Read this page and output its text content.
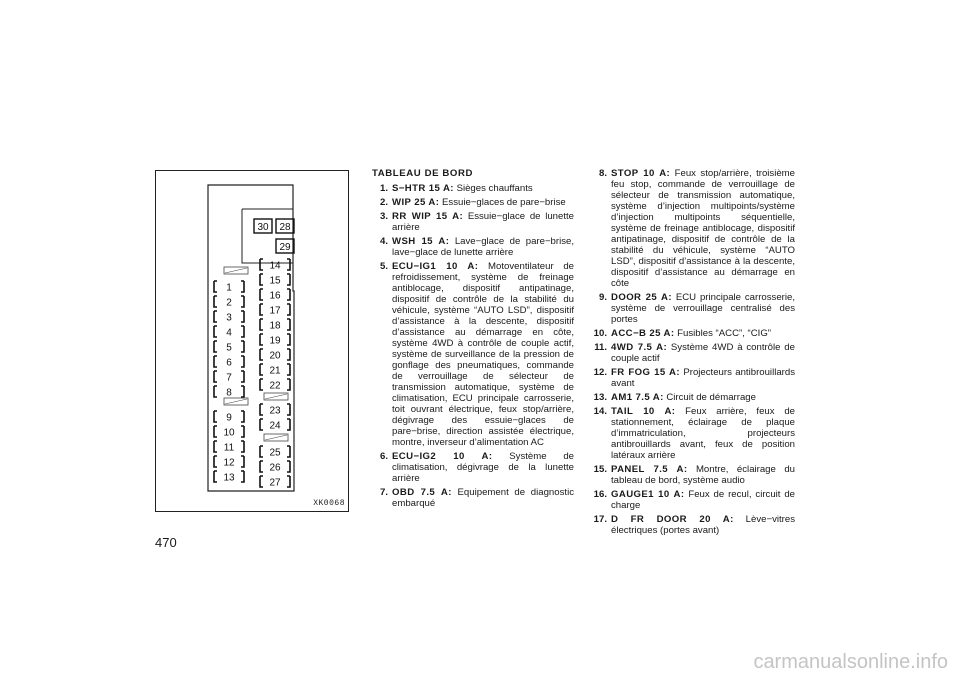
30 28
29
1
2
3
4
5
6
7
8
9
10
11
12
13
14
15
16
17
18
19
20
21
22
23
24
25
26
27
XK0068
TABLEAU DE BORD
1. S−HTR 15 A: Sièges chauffants
2. WIP 25 A: Essuie−glaces de pare−brise
3. RR WIP 15 A: Essuie−glace de lunette arrière
4. WSH 15 A: Lave−glace de pare−brise, lave−glace de lunette arrière
5. ECU−IG1 10 A: Motoventilateur de refroidissement, système de freinage antiblocage, dispositif antipatinage, dispositif de contrôle de la stabilité du véhicule, système “AUTO LSD”, dispositif d’assistance à la descente, dispositif d’assistance au démarrage en côte, système 4WD à contrôle de couple actif, système de surveillance de la pression de gonflage des pneumatiques, commande de verrouillage de sélecteur de transmission automatique, système de climatisation, ECU principale carrosserie, toit ouvrant électrique, feux stop/arrière, dégivrage des essuie−glaces de pare−brise, direction assistée électrique, montre, inverseur d’alimentation AC
6. ECU−IG2 10 A: Système de climatisation, dégivrage de la lunette arrière
7. OBD 7.5 A: Equipement de diagnostic embarqué
8. STOP 10 A: Feux stop/arrière, troisième feu stop, commande de verrouillage de sélecteur de transmission automatique, système d’injection multipoints/système d’injection multipoints séquentielle, système de freinage antiblocage, dispositif antipatinage, dispositif de contrôle de la stabilité du véhicule, système “AUTO LSD”, dispositif d’assistance à la descente, dispositif d’assistance au démarrage en côte
9. DOOR 25 A: ECU principale carrosserie, système de verrouillage centralisé des portes
10. ACC−B 25 A: Fusibles “ACC”, “CIG”
11. 4WD 7.5 A: Système 4WD à contrôle de couple actif
12. FR FOG 15 A: Projecteurs antibrouillards avant
13. AM1 7.5 A: Circuit de démarrage
14. TAIL 10 A: Feux arrière, feux de stationnement, éclairage de plaque d’immatriculation, projecteurs antibrouillards avant, feux de position latéraux arrière
15. PANEL 7.5 A: Montre, éclairage du tableau de bord, système audio
16. GAUGE1 10 A: Feux de recul, circuit de charge
17. D FR DOOR 20 A: Lève−vitres électriques (portes avant)
470
carmanualsonline.info
